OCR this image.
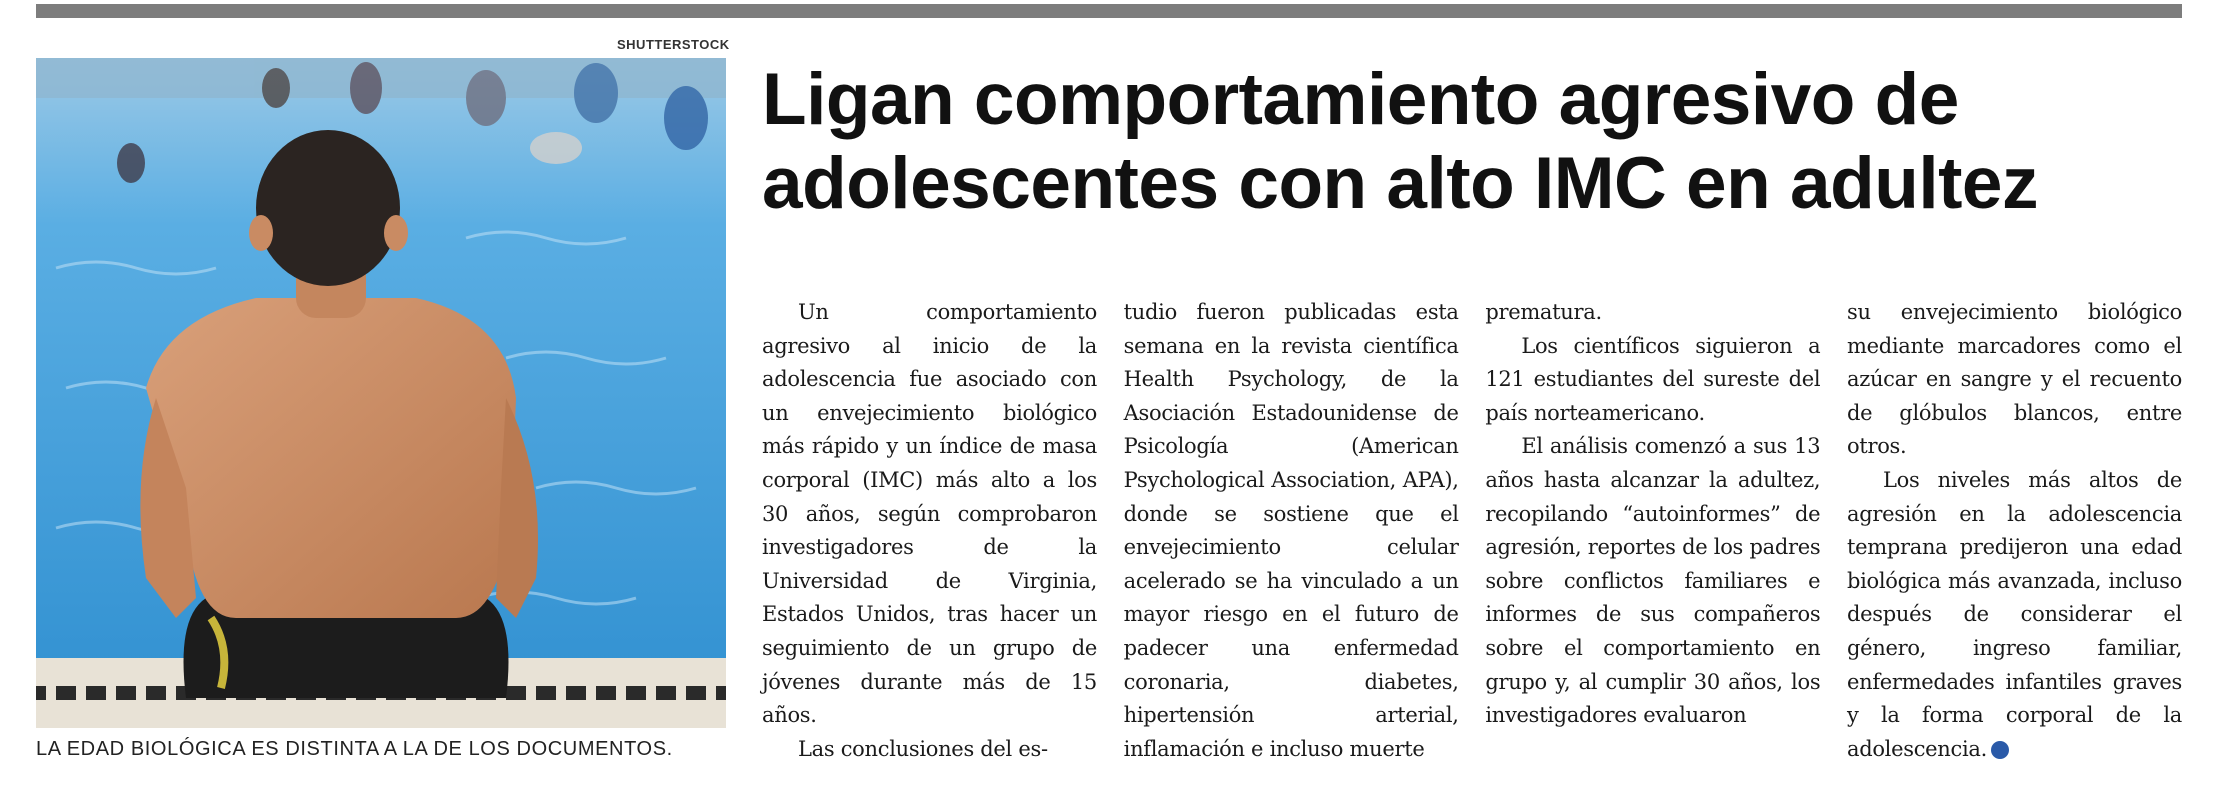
SHUTTERSTOCK
LA EDAD BIOLÓGICA ES DISTINTA A LA DE LOS DOCUMENTOS.
Ligan comportamiento agresivo de
adolescentes con alto IMC en adultez

Un comportamiento agresivo al inicio de la adolescencia fue asociado con un envejecimiento biológico más rápido y un índice de masa corporal (IMC) más alto a los 30 años, según comprobaron investigadores de la Universidad de Virginia, Estados Unidos, tras hacer un seguimiento de un grupo de jóvenes durante más de 15 años.

Las conclusiones del es-

tudio fueron publicadas esta semana en la revista científica Health Psychology, de la Asociación Estadounidense de Psicología (American Psychological Association, APA), donde se sostiene que el envejecimiento celular acelerado se ha vinculado a un mayor riesgo en el futuro de padecer una enfermedad coronaria, diabetes, hipertensión arterial, inflamación e incluso muerte

prematura.

Los científicos siguieron a 121 estudiantes del sureste del país norteamericano.

El análisis comenzó a sus 13 años hasta alcanzar la adultez, recopilando “autoinformes” de agresión, reportes de los padres sobre conflictos familiares e informes de sus compañeros sobre el comportamiento en grupo y, al cumplir 30 años, los investigadores evaluaron

su envejecimiento biológico mediante marcadores como el azúcar en sangre y el recuento de glóbulos blancos, entre otros.

Los niveles más altos de agresión en la adolescencia temprana predijeron una edad biológica más avanzada, incluso después de considerar el género, ingreso familiar, enfermedades infantiles graves y la forma corporal de la adolescencia.	✪
